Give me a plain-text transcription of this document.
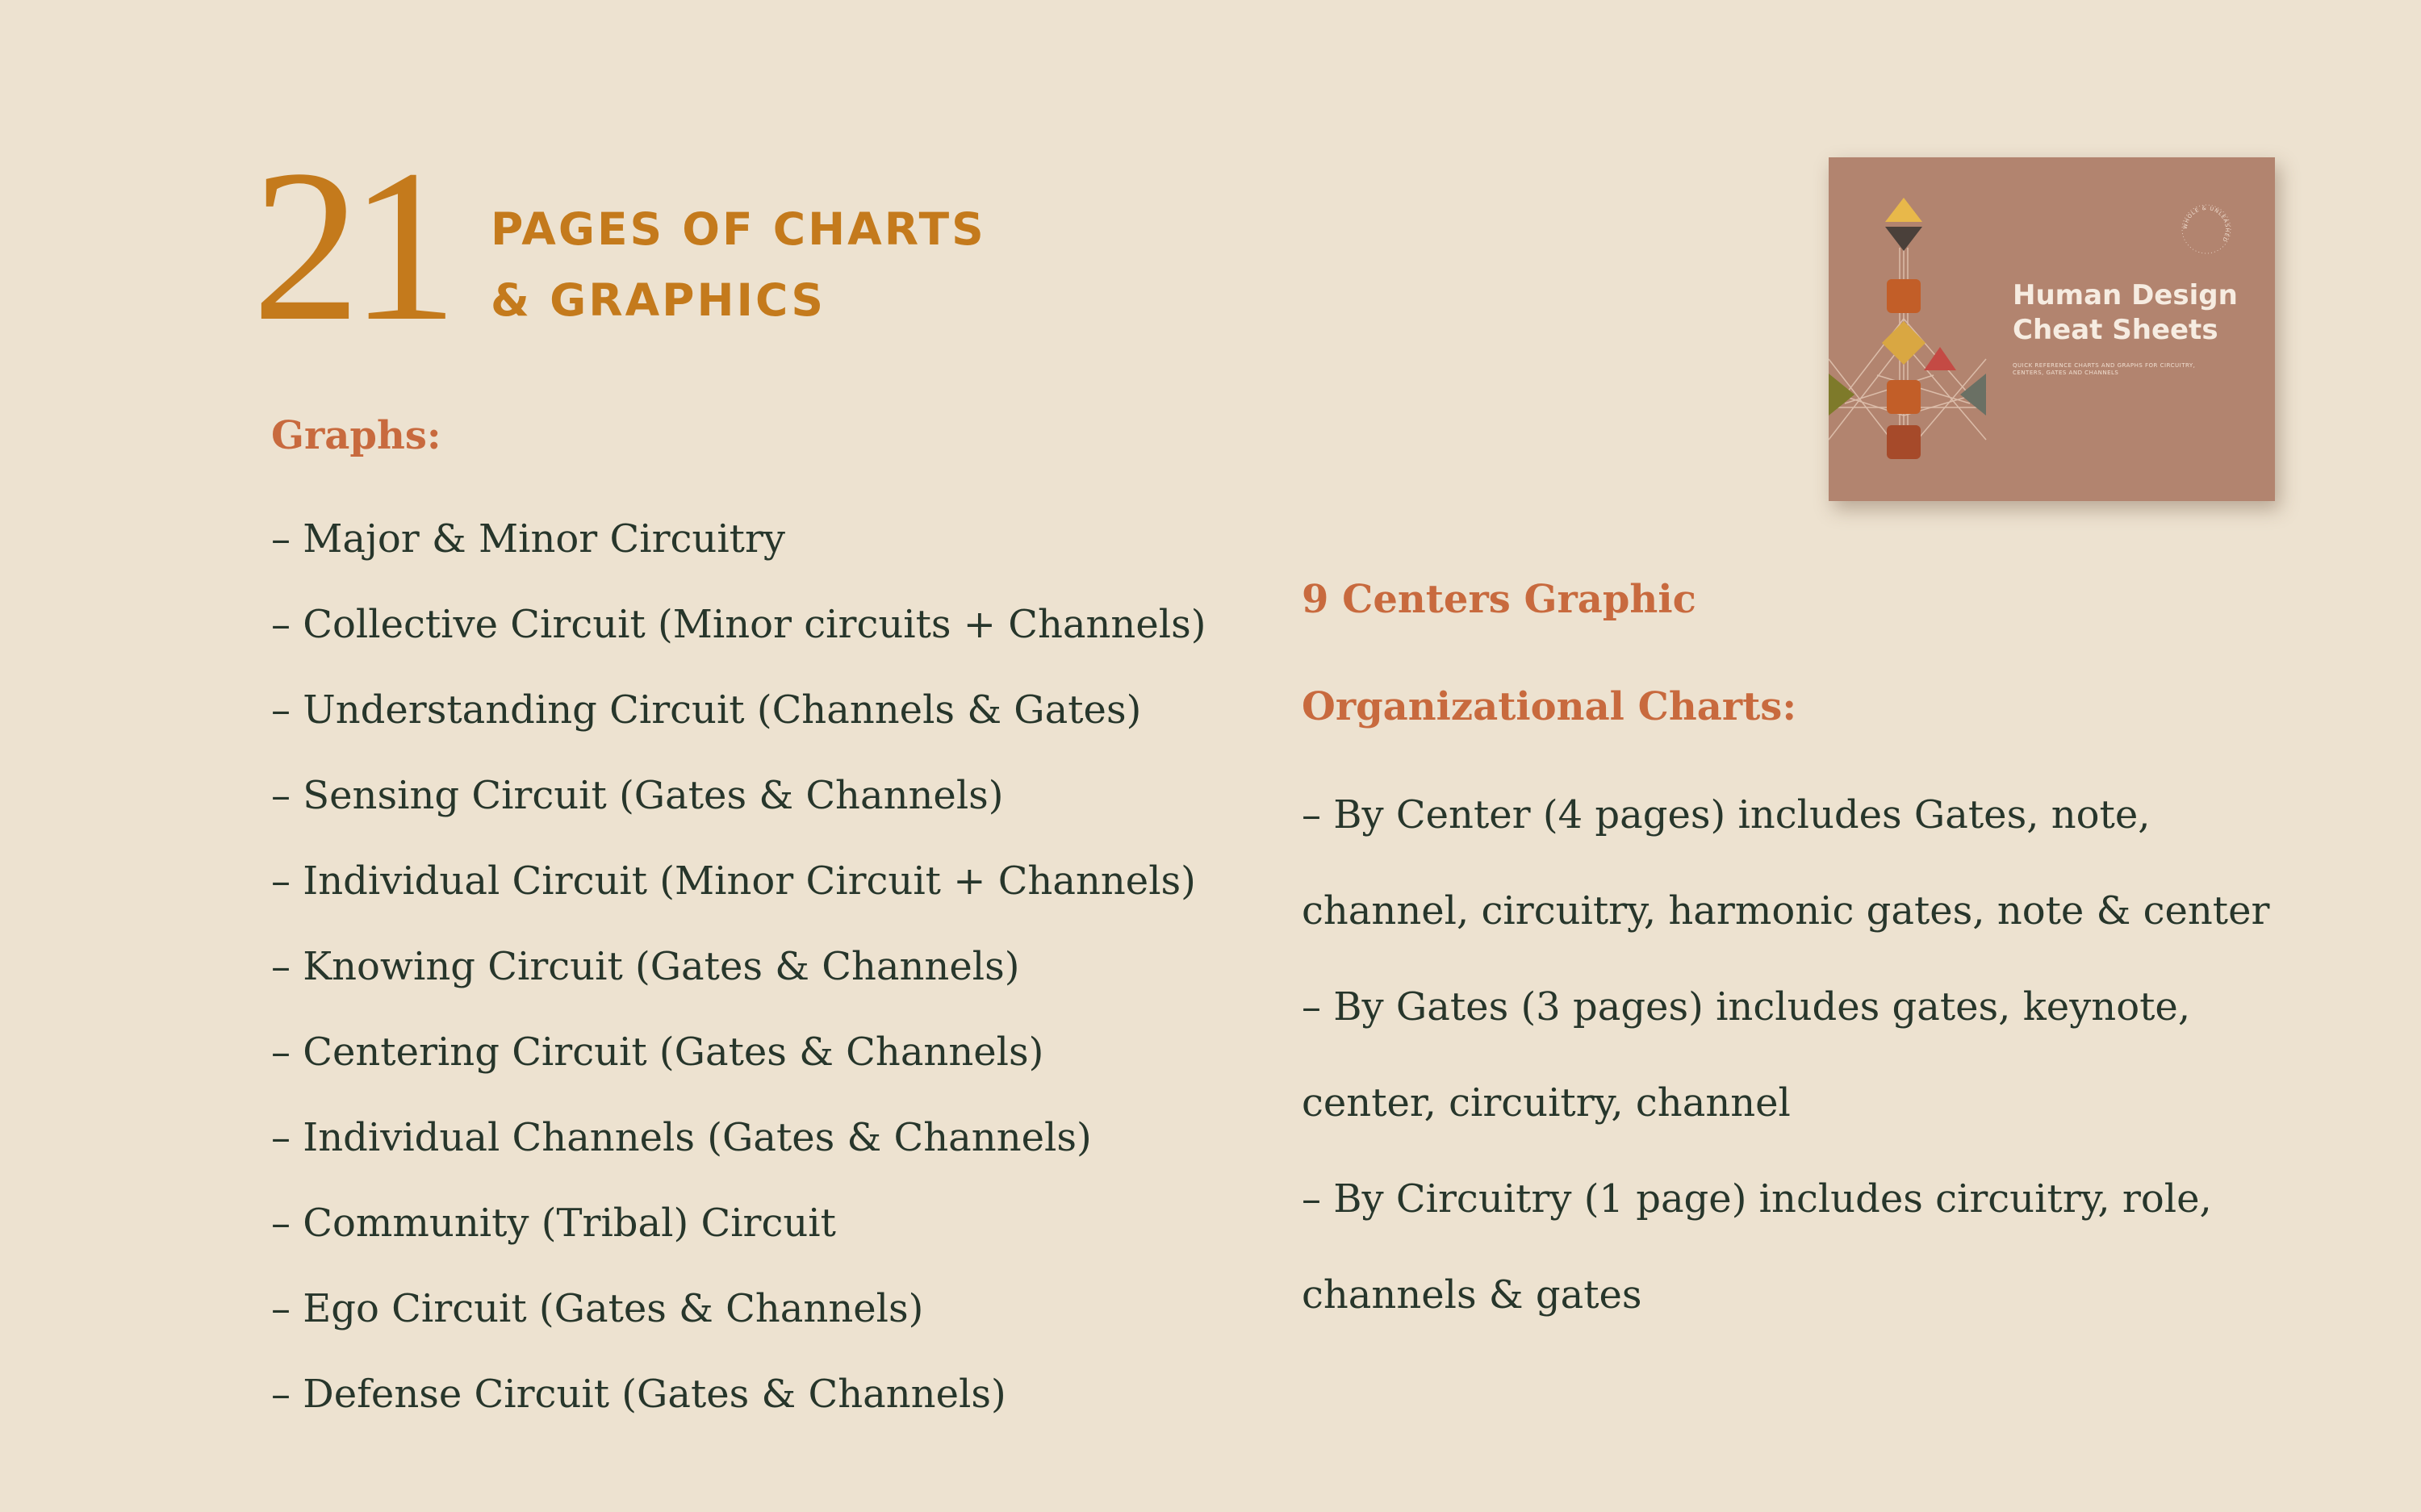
21 PAGES OF CHARTS
& GRAPHICS
WHOLE & UNLEASHED
Human Design
Cheat Sheets
QUICK REFERENCE CHARTS AND GRAPHS FOR CIRCUITRY, CENTERS, GATES AND CHANNELS
Graphs:
– Major & Minor Circuitry
– Collective Circuit (Minor circuits + Channels)
– Understanding Circuit (Channels & Gates)
– Sensing Circuit (Gates & Channels)
– Individual Circuit (Minor Circuit + Channels)
– Knowing Circuit (Gates & Channels)
– Centering Circuit (Gates & Channels)
– Individual Channels (Gates & Channels)
– Community (Tribal) Circuit
– Ego Circuit (Gates & Channels)
– Defense Circuit (Gates & Channels)
9 Centers Graphic
Organizational Charts:
– By Center (4 pages) includes Gates, note, channel, circuitry, harmonic gates, note & center
– By Gates (3 pages) includes gates, keynote, center, circuitry, channel
– By Circuitry (1 page) includes circuitry, role, channels & gates
